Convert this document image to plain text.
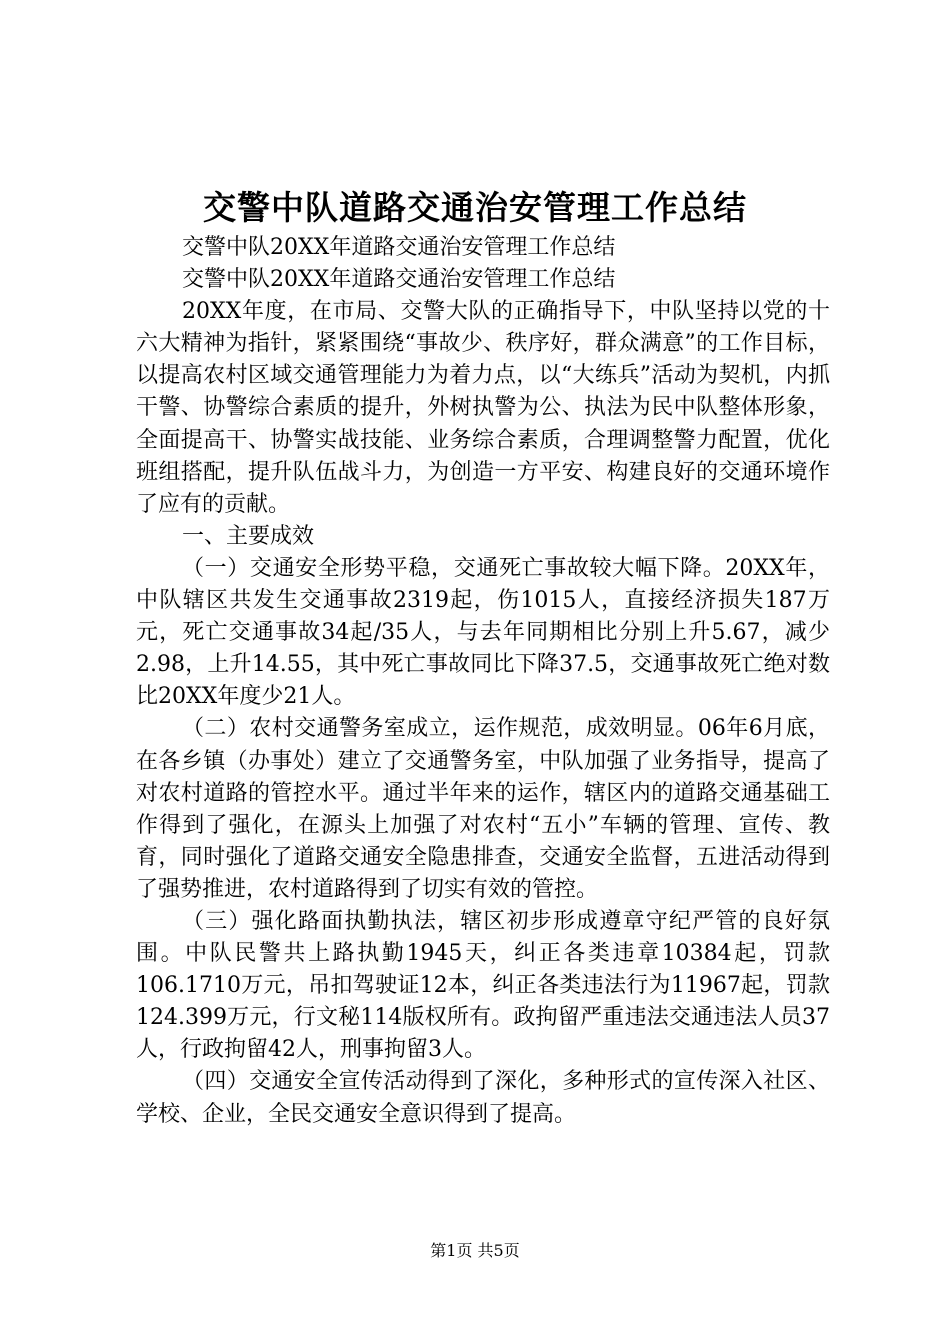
交警中队道路交通治安管理工作总结

交警中队20XX年道路交通治安管理工作总结

交警中队20XX年道路交通治安管理工作总结

20XX年度，在市局、交警大队的正确指导下，中队坚持以党的十六大精神为指针，紧紧围绕“事故少、秩序好，群众满意”的工作目标，以提高农村区域交通管理能力为着力点，以“大练兵”活动为契机，内抓干警、协警综合素质的提升，外树执警为公、执法为民中队整体形象，全面提高干、协警实战技能、业务综合素质，合理调整警力配置，优化班组搭配，提升队伍战斗力，为创造一方平安、构建良好的交通环境作了应有的贡献。

一、主要成效

（一）交通安全形势平稳，交通死亡事故较大幅下降。20XX年，中队辖区共发生交通事故2319起，伤1015人，直接经济损失187万元，死亡交通事故34起/35人，与去年同期相比分别上升5.67，减少2.98，上升14.55，其中死亡事故同比下降37.5，交通事故死亡绝对数比20XX年度少21人。

（二）农村交通警务室成立，运作规范，成效明显。06年6月底，在各乡镇（办事处）建立了交通警务室，中队加强了业务指导，提高了对农村道路的管控水平。通过半年来的运作，辖区内的道路交通基础工作得到了强化，在源头上加强了对农村“五小”车辆的管理、宣传、教育，同时强化了道路交通安全隐患排查，交通安全监督，五进活动得到了强势推进，农村道路得到了切实有效的管控。

（三）强化路面执勤执法，辖区初步形成遵章守纪严管的良好氛围。中队民警共上路执勤1945天，纠正各类违章10384起，罚款106.1710万元，吊扣驾驶证12本，纠正各类违法行为11967起，罚款124.399万元，行文秘114版权所有。政拘留严重违法交通违法人员37人，行政拘留42人，刑事拘留3人。

（四）交通安全宣传活动得到了深化，多种形式的宣传深入社区、学校、企业，全民交通安全意识得到了提高。

第1页 共5页
